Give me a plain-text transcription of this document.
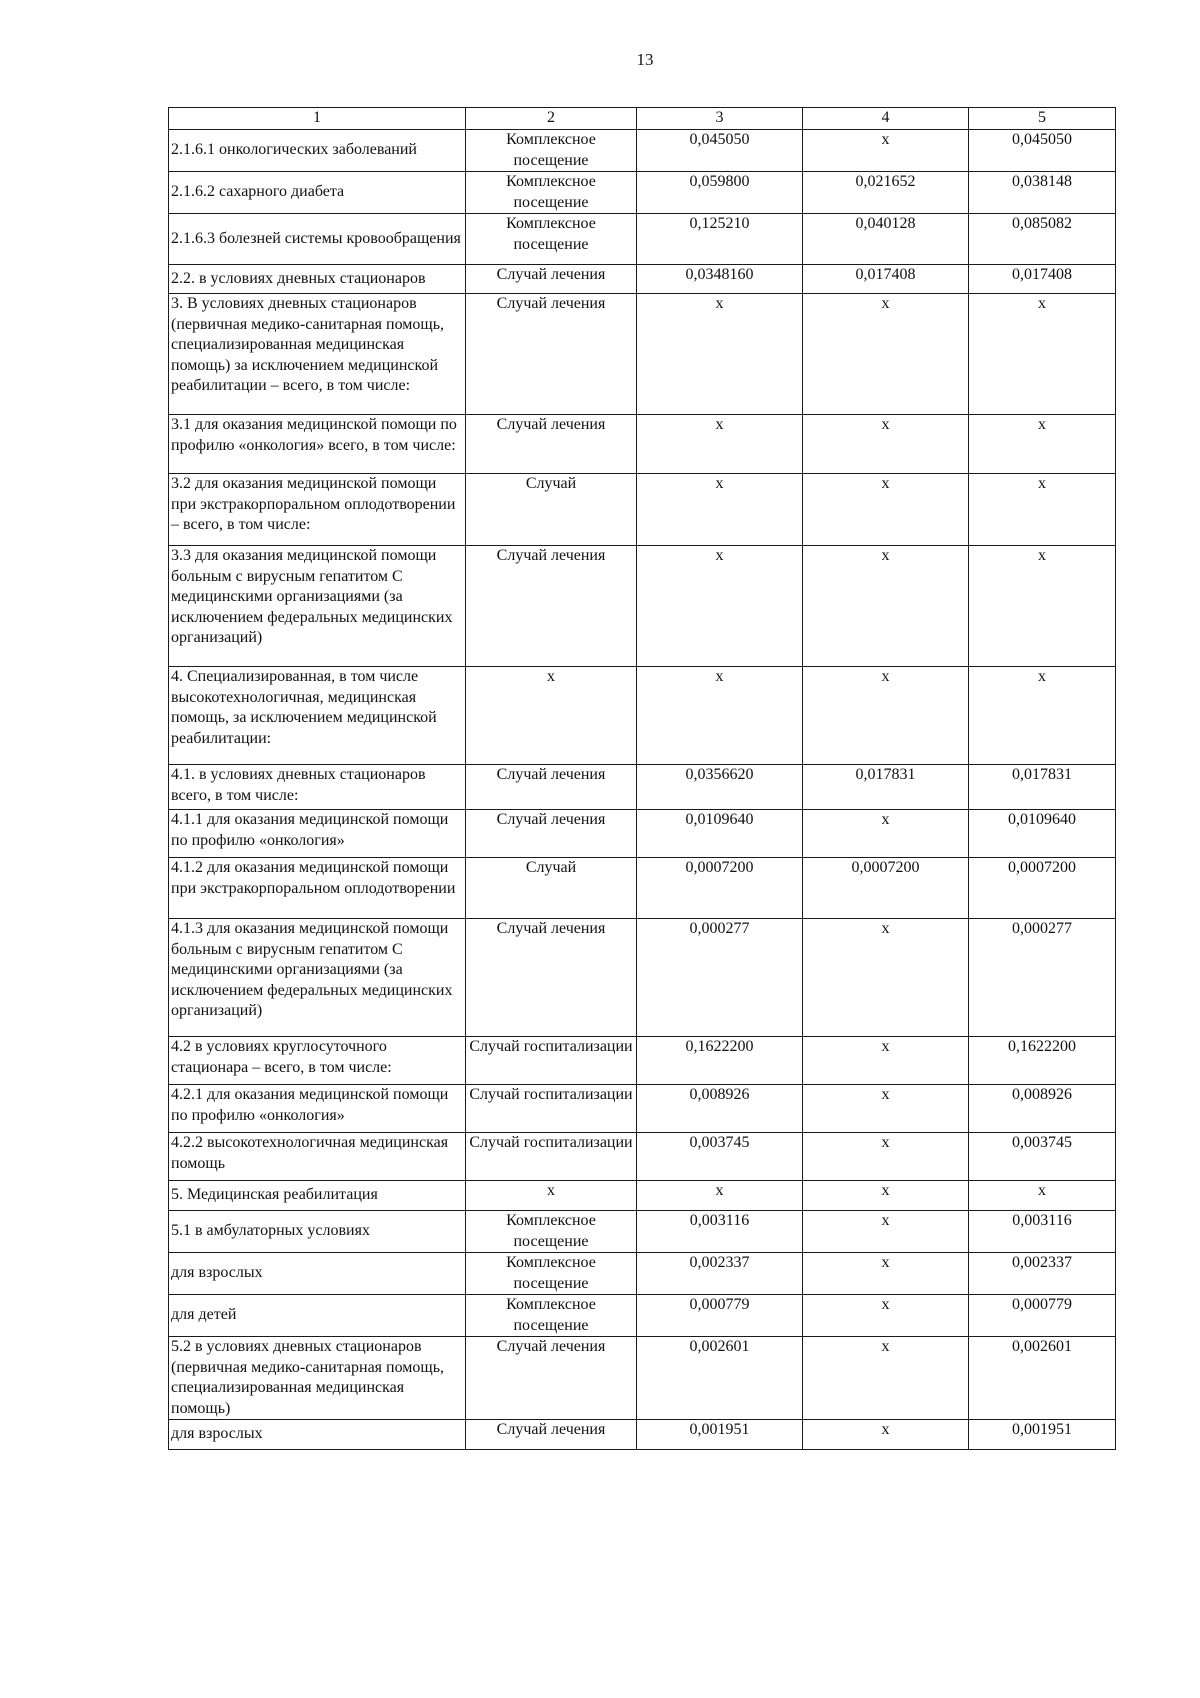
13
1	2	3	4	5
2.1.6.1 онкологических заболеваний	Комплексное посещение	0,045050	х	0,045050
2.1.6.2 сахарного диабета	Комплексное посещение	0,059800	0,021652	0,038148
2.1.6.3 болезней системы кровообращения	Комплексное посещение	0,125210	0,040128	0,085082
2.2. в условиях дневных стационаров	Случай лечения	0,0348160	0,017408	0,017408
3. В условиях дневных стационаров (первичная медико-санитарная помощь, специализированная медицинская помощь) за исключением медицинской реабилитации – всего, в том числе:	Случай лечения	х	х	х
3.1 для оказания медицинской помощи по профилю «онкология» всего, в том числе:	Случай лечения	х	х	х
3.2 для оказания медицинской помощи при экстракорпоральном оплодотворении – всего, в том числе:	Случай	х	х	х
3.3 для оказания медицинской помощи больным с вирусным гепатитом С медицинскими организациями (за исключением федеральных медицинских организаций)	Случай лечения	х	х	х
4. Специализированная, в том числе высокотехнологичная, медицинская помощь, за исключением медицинской реабилитации:	х	х	х	х
4.1. в условиях дневных стационаров всего, в том числе:	Случай лечения	0,0356620	0,017831	0,017831
4.1.1 для оказания медицинской помощи по профилю «онкология»	Случай лечения	0,0109640	х	0,0109640
4.1.2 для оказания медицинской помощи при экстракорпоральном оплодотворении	Случай	0,0007200	0,0007200	0,0007200
4.1.3 для оказания медицинской помощи больным с вирусным гепатитом С медицинскими организациями (за исключением федеральных медицинских организаций)	Случай лечения	0,000277	х	0,000277
4.2 в условиях круглосуточного стационара – всего, в том числе:	Случай госпитализации	0,1622200	х	0,1622200
4.2.1 для оказания медицинской помощи по профилю «онкология»	Случай госпитализации	0,008926	х	0,008926
4.2.2 высокотехнологичная медицинская помощь	Случай госпитализации	0,003745	х	0,003745
5. Медицинская реабилитация	х	х	х	х
5.1 в амбулаторных условиях	Комплексное посещение	0,003116	х	0,003116
для взрослых	Комплексное посещение	0,002337	х	0,002337
для детей	Комплексное посещение	0,000779	х	0,000779
5.2 в условиях дневных стационаров (первичная медико-санитарная помощь, специализированная медицинская помощь)	Случай лечения	0,002601	х	0,002601
для взрослых	Случай лечения	0,001951	х	0,001951
